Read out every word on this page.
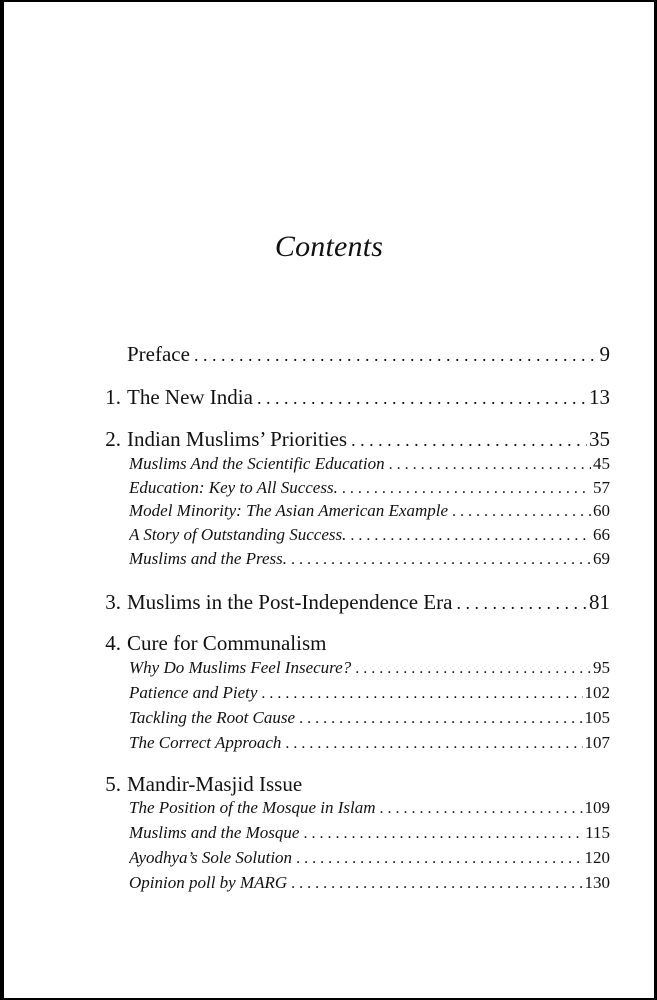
Contents
Preface . . .	9
1. The New India . . .	13
2. Indian Muslims’ Priorities . . .	35
Muslims And the Scientific Education . . .	45
Education: Key to All Success. . . .	57
Model Minority: The Asian American Example . . .	60
A Story of Outstanding Success. . . .	66
Muslims and the Press. . . .	69
3. Muslims in the Post-Independence Era . . .	81
4. Cure for Communalism
Why Do Muslims Feel Insecure? . . .	95
Patience and Piety . . .	102
Tackling the Root Cause . . .	105
The Correct Approach . . .	107
5. Mandir-Masjid Issue
The Position of the Mosque in Islam . . .	109
Muslims and the Mosque . . .	115
Ayodhya’s Sole Solution . . .	120
Opinion poll by MARG . . .	130
